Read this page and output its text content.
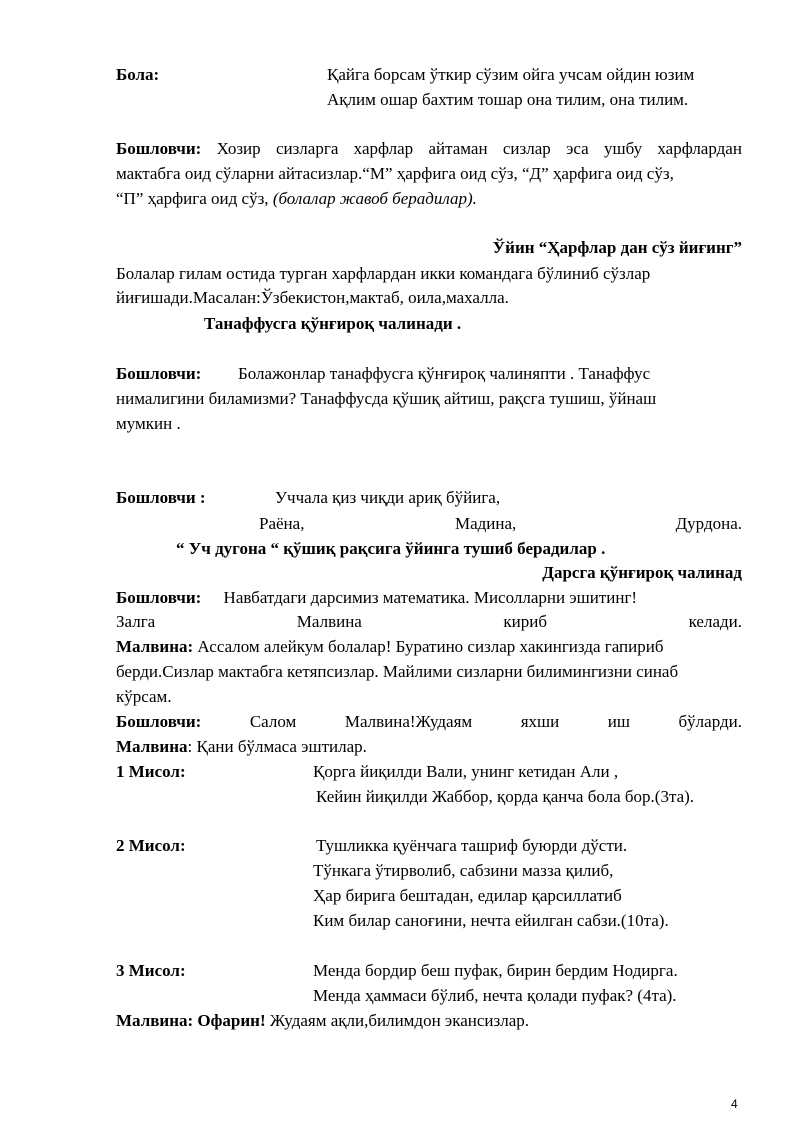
Бола:	Қайга борсам ўткир сўзим ойга учсам ойдин юзим
Ақлим ошар бахтим тошар она тилим, она тилим.
Бошловчи: Хозир сизларга харфлар айтаман сизлар эса ушбу харфлардан
мактабга оид сўларни айтасизлар.“М” ҳарфига оид сўз, “Д” ҳарфига оид сўз,
“П” ҳарфига оид сўз, (болалар жавоб берадилар).
Ўйин “Ҳарфлар дан сўз йиғинг”
Болалар гилам остида турган харфлардан икки командага бўлиниб сўзлар
йиғишади.Масалан:Ўзбекистон,мактаб, оила,махалла.
Танаффусга қўнғироқ чалинади .
Бошловчи: Болажонлар танаффусга қўнғироқ чалиняпти . Танаффус
нималигини биламизми? Танаффусда қўшиқ айтиш, рақсга тушиш, ўйнаш
мумкин .
Бошловчи :	Уччала қиз чиқди ариқ бўйига,
Раёна,	Мадина,	Дурдона.
“ Уч дугона “ қўшиқ рақсига ўйинга тушиб берадилар .
Дарсга қўнғироқ чалинад
Бошловчи: Навбатдаги дарсимиз математика. Мисолларни эшитинг!
Залга	Малвина	кириб	келади.
Малвина: Ассалом алейкум болалар! Буратино сизлар хакингизда гапириб
берди.Сизлар мактабга кетяпсизлар. Майлими сизларни билимингизни синаб
кўрсам.
Бошловчи:	Салом	Малвина!Жудаям	яхши	иш	бўларди.
Малвина: Қани бўлмаса эштилар.
1 Мисол:	Қорга йиқилди Вали, унинг кетидан Али ,
Кейин йиқилди Жаббор, қорда қанча бола бор.(3та).
2 Мисол:	Тушликка қуёнчага ташриф буюрди дўсти.
Тўнкага ўтирволиб, сабзини мазза қилиб,
Ҳар бирига бештадан, едилар қарсиллатиб
Ким билар саноғини, нечта ейилган сабзи.(10та).
3 Мисол:	Менда бордир беш пуфак, бирин бердим Нодирга.
Менда ҳаммаси бўлиб, нечта қолади пуфак? (4та).
Малвина: Офарин! Жудаям ақли,билимдон экансизлар.
4
